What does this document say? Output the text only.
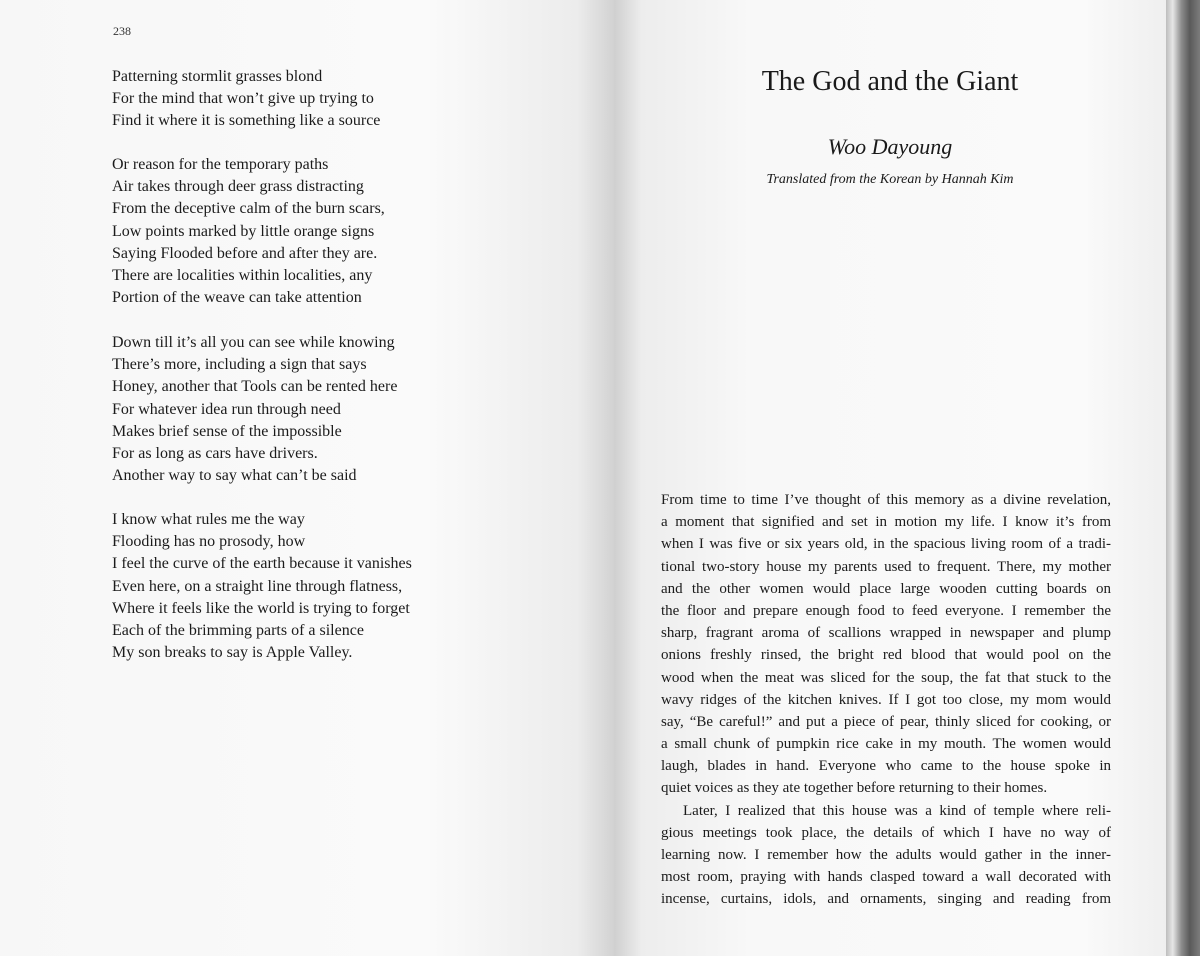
238
Patterning stormlit grasses blond
For the mind that won’t give up trying to
Find it where it is something like a source
Or reason for the temporary paths
Air takes through deer grass distracting
From the deceptive calm of the burn scars,
Low points marked by little orange signs
Saying Flooded before and after they are.
There are localities within localities, any
Portion of the weave can take attention
Down till it’s all you can see while knowing
There’s more, including a sign that says
Honey, another that Tools can be rented here
For whatever idea run through need
Makes brief sense of the impossible
For as long as cars have drivers.
Another way to say what can’t be said
I know what rules me the way
Flooding has no prosody, how
I feel the curve of the earth because it vanishes
Even here, on a straight line through flatness,
Where it feels like the world is trying to forget
Each of the brimming parts of a silence
My son breaks to say is Apple Valley.
The God and the Giant
Woo Dayoung
Translated from the Korean by Hannah Kim
From time to time I’ve thought of this memory as a divine revelation,
a moment that signified and set in motion my life. I know it’s from
when I was five or six years old, in the spacious living room of a tradi-
tional two-story house my parents used to frequent. There, my mother
and the other women would place large wooden cutting boards on
the floor and prepare enough food to feed everyone. I remember the
sharp, fragrant aroma of scallions wrapped in newspaper and plump
onions freshly rinsed, the bright red blood that would pool on the
wood when the meat was sliced for the soup, the fat that stuck to the
wavy ridges of the kitchen knives. If I got too close, my mom would
say, “Be careful!” and put a piece of pear, thinly sliced for cooking, or
a small chunk of pumpkin rice cake in my mouth. The women would
laugh, blades in hand. Everyone who came to the house spoke in
quiet voices as they ate together before returning to their homes.
Later, I realized that this house was a kind of temple where reli-
gious meetings took place, the details of which I have no way of
learning now. I remember how the adults would gather in the inner-
most room, praying with hands clasped toward a wall decorated with
incense, curtains, idols, and ornaments, singing and reading from
